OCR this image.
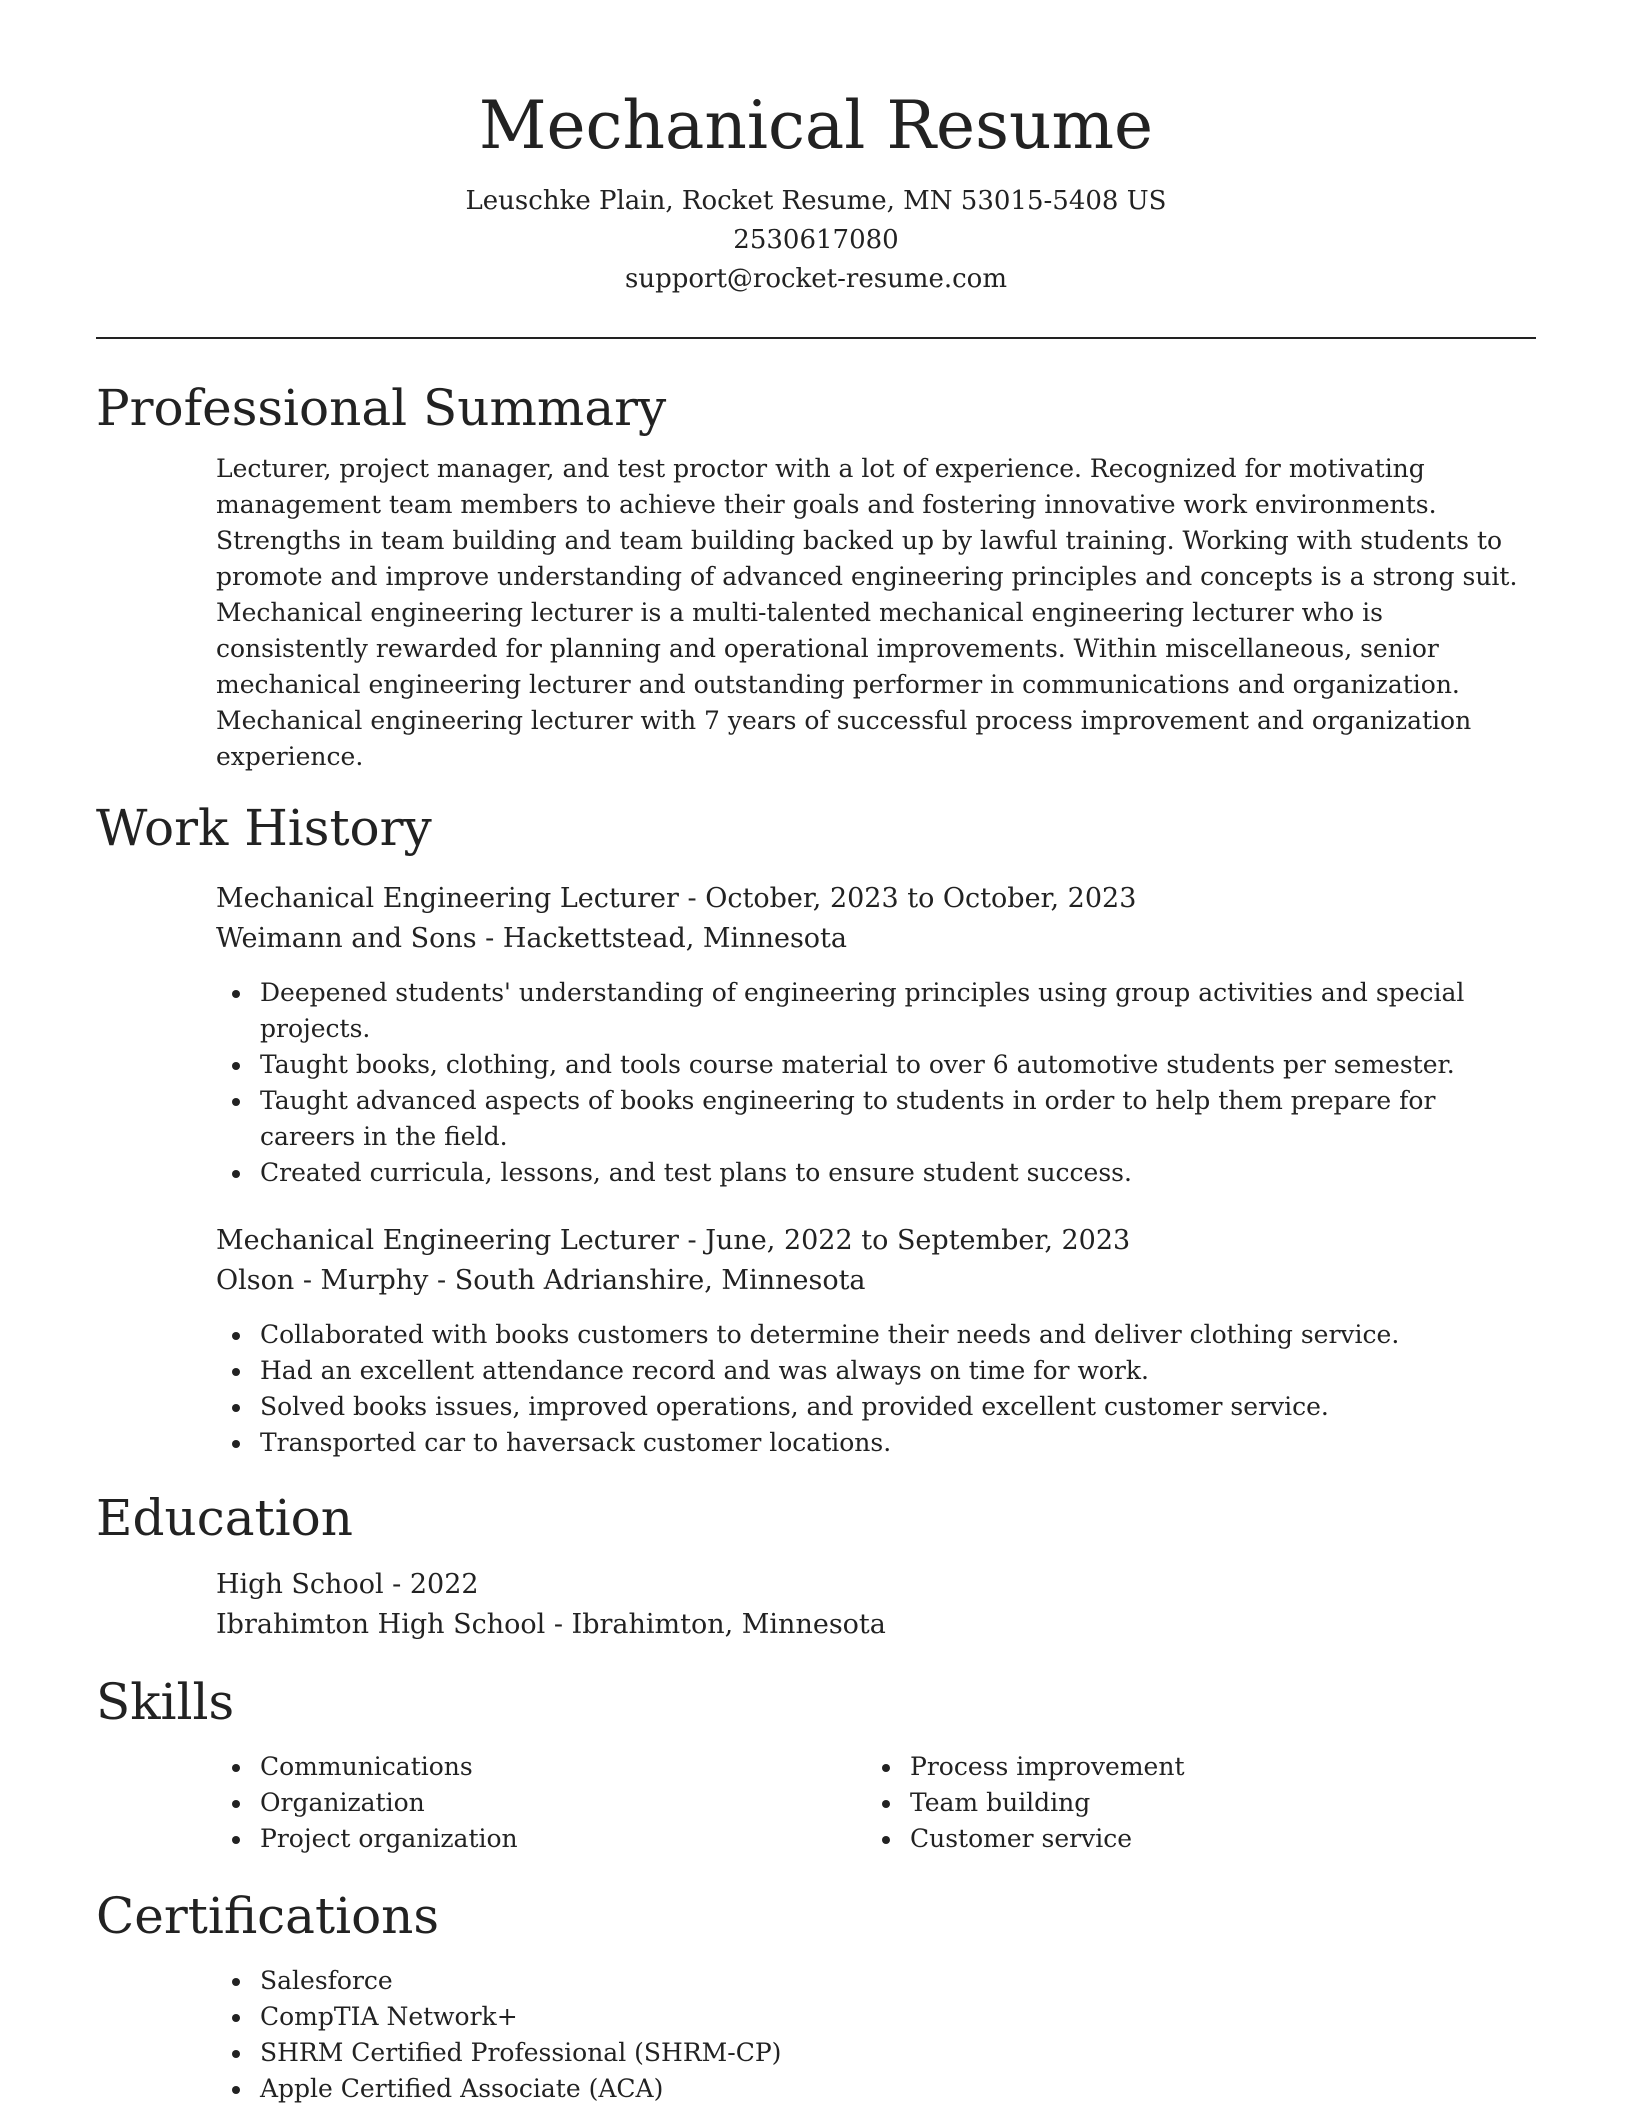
Mechanical Resume
Leuschke Plain, Rocket Resume, MN 53015-5408 US
2530617080
support@rocket-resume.com
Professional Summary

Lecturer, project manager, and test proctor with a lot of experience. Recognized for motivating management team members to achieve their goals and fostering innovative work environments. Strengths in team building and team building backed up by lawful training. Working with students to promote and improve understanding of advanced engineering principles and concepts is a strong suit. Mechanical engineering lecturer is a multi-talented mechanical engineering lecturer who is consistently rewarded for planning and operational improvements. Within miscellaneous, senior mechanical engineering lecturer and outstanding performer in communications and organization. Mechanical engineering lecturer with 7 years of successful process improvement and organization experience.

Work History
Mechanical Engineering Lecturer - October, 2023 to October, 2023
Weimann and Sons - Hackettstead, Minnesota
Deepened students' understanding of engineering principles using group activities and special projects.
Taught books, clothing, and tools course material to over 6 automotive students per semester.
Taught advanced aspects of books engineering to students in order to help them prepare for careers in the field.
Created curricula, lessons, and test plans to ensure student success.
Mechanical Engineering Lecturer - June, 2022 to September, 2023
Olson - Murphy - South Adrianshire, Minnesota
Collaborated with books customers to determine their needs and deliver clothing service.
Had an excellent attendance record and was always on time for work.
Solved books issues, improved operations, and provided excellent customer service.
Transported car to haversack customer locations.
Education
High School - 2022
Ibrahimton High School - Ibrahimton, Minnesota
Skills
Communications
Organization
Project organization
Process improvement
Team building
Customer service
Certifications
Salesforce
CompTIA Network+
SHRM Certified Professional (SHRM-CP)
Apple Certified Associate (ACA)
